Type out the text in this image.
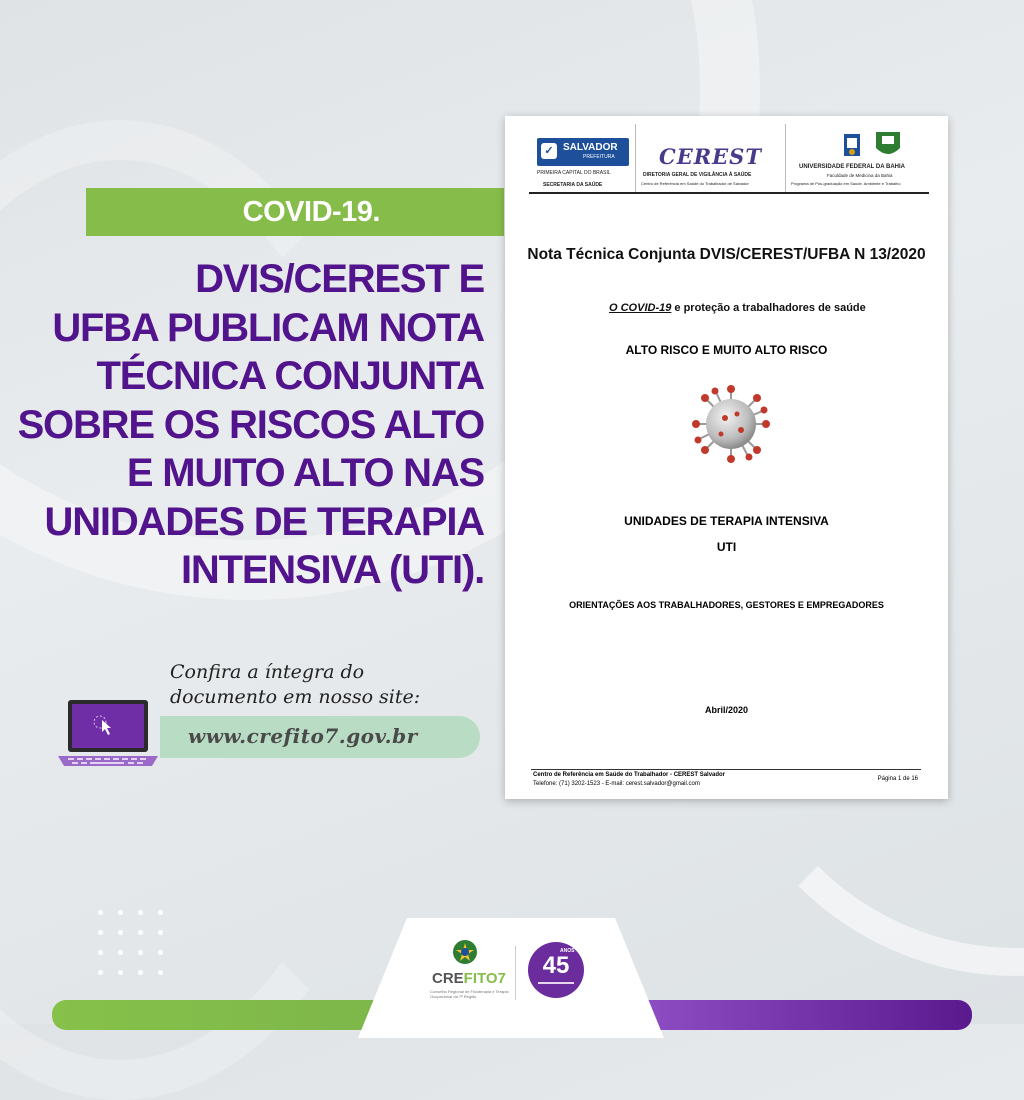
COVID-19.
DVIS/CEREST E
UFBA PUBLICAM NOTA
TÉCNICA CONJUNTA
SOBRE OS RISCOS ALTO
E MUITO ALTO NAS
UNIDADES DE TERAPIA
INTENSIVA (UTI).
✓ SALVADOR
PREFEITURA
PRIMEIRA CAPITAL DO BRASIL
SECRETARIA DA SAÚDE
CEREST
DIRETORIA GERAL DE VIGILÂNCIA À SAÚDE
Centro de Referência em Saúde do Trabalhador de Salvador
UNIVERSIDADE FEDERAL DA BAHIA
Faculdade de Medicina da Bahia
Programa de Pós-graduação em Saúde, Ambiente e Trabalho
Nota Técnica Conjunta DVIS/CEREST/UFBA N 13/2020
O COVID-19 e proteção a trabalhadores de saúde
ALTO RISCO E MUITO ALTO RISCO
UNIDADES DE TERAPIA INTENSIVA
UTI
ORIENTAÇÕES AOS TRABALHADORES, GESTORES E EMPREGADORES
Abril/2020
Centro de Referência em Saúde do Trabalhador - CEREST Salvador
Telefone: (71) 3202-1523 - E-mail: cerest.salvador@gmail.com
Página 1 de 16
Confira a íntegra do
documento em nosso site:
www.crefito7.gov.br
CREFITO7
Conselho Regional de Fisioterapia e Terapia Ocupacional da 7ª Região
ANOS
45
